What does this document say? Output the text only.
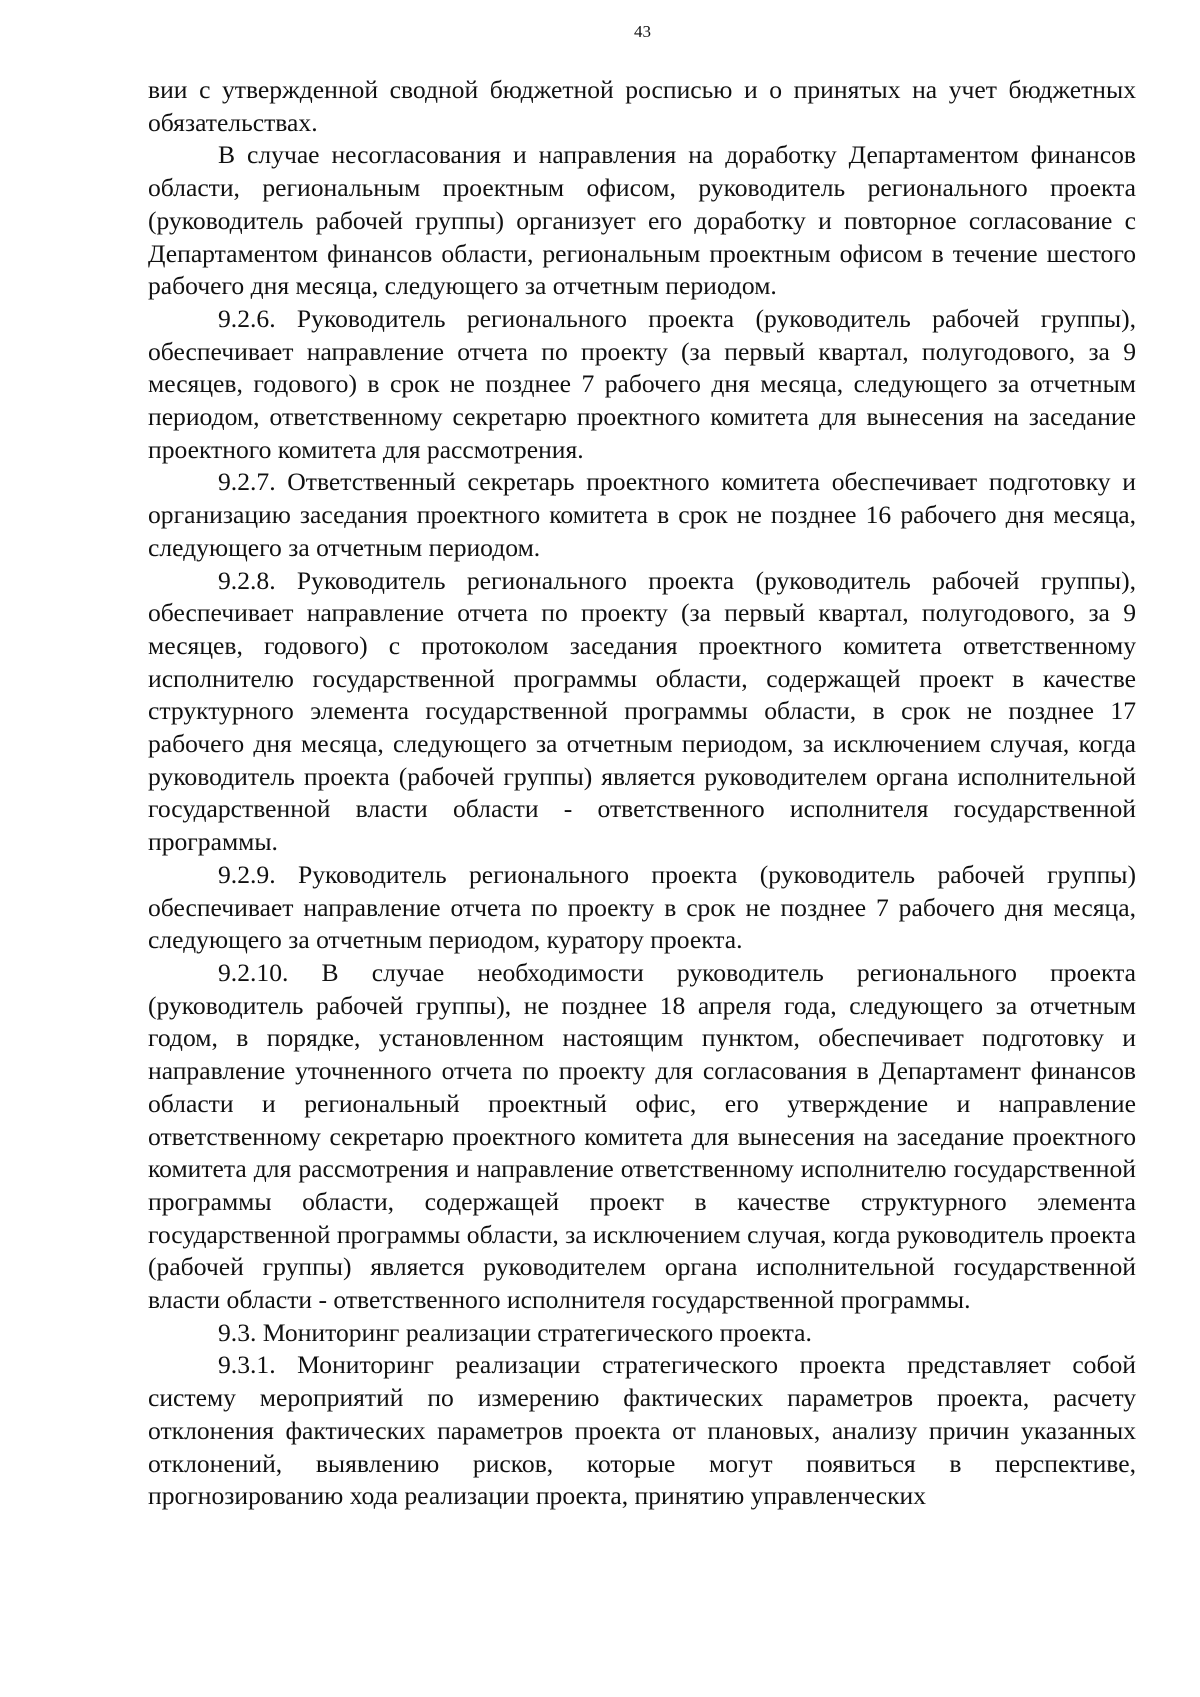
43

вии с утвержденной сводной бюджетной росписью и о принятых на учет бюджетных обязательствах.

В случае несогласования и направления на доработку Департаментом финансов области, региональным проектным офисом, руководитель регионального проекта (руководитель рабочей группы) организует его доработку и повторное согласование с Департаментом финансов области, региональным проектным офисом в течение шестого рабочего дня месяца, следующего за отчетным периодом.

9.2.6. Руководитель регионального проекта (руководитель рабочей группы), обеспечивает направление отчета по проекту (за первый квартал, полугодового, за 9 месяцев, годового) в срок не позднее 7 рабочего дня месяца, следующего за отчетным периодом, ответственному секретарю проектного комитета для вынесения на заседание проектного комитета для рассмотрения.

9.2.7. Ответственный секретарь проектного комитета обеспечивает подготовку и организацию заседания проектного комитета в срок не позднее 16 рабочего дня месяца, следующего за отчетным периодом.

9.2.8. Руководитель регионального проекта (руководитель рабочей группы), обеспечивает направление отчета по проекту (за первый квартал, полугодового, за 9 месяцев, годового) с протоколом заседания проектного комитета ответственному исполнителю государственной программы области, содержащей проект в качестве структурного элемента государственной программы области, в срок не позднее 17 рабочего дня месяца, следующего за отчетным периодом, за исключением случая, когда руководитель проекта (рабочей группы) является руководителем органа исполнительной государственной власти области - ответственного исполнителя государственной программы.

9.2.9. Руководитель регионального проекта (руководитель рабочей группы) обеспечивает направление отчета по проекту в срок не позднее 7 рабочего дня месяца, следующего за отчетным периодом, куратору проекта.

9.2.10. В случае необходимости руководитель регионального проекта (руководитель рабочей группы), не позднее 18 апреля года, следующего за отчетным годом, в порядке, установленном настоящим пунктом, обеспечивает подготовку и направление уточненного отчета по проекту для согласования в Департамент финансов области и региональный проектный офис, его утверждение и направление ответственному секретарю проектного комитета для вынесения на заседание проектного комитета для рассмотрения и направление ответственному исполнителю государственной программы области, содержащей проект в качестве структурного элемента государственной программы области, за исключением случая, когда руководитель проекта (рабочей группы) является руководителем органа исполнительной государственной власти области - ответственного исполнителя государственной программы.

9.3. Мониторинг реализации стратегического проекта.

9.3.1. Мониторинг реализации стратегического проекта представляет собой систему мероприятий по измерению фактических параметров проекта, расчету отклонения фактических параметров проекта от плановых, анализу причин указанных отклонений, выявлению рисков, которые могут появиться в перспективе, прогнозированию хода реализации проекта, принятию управленческих
